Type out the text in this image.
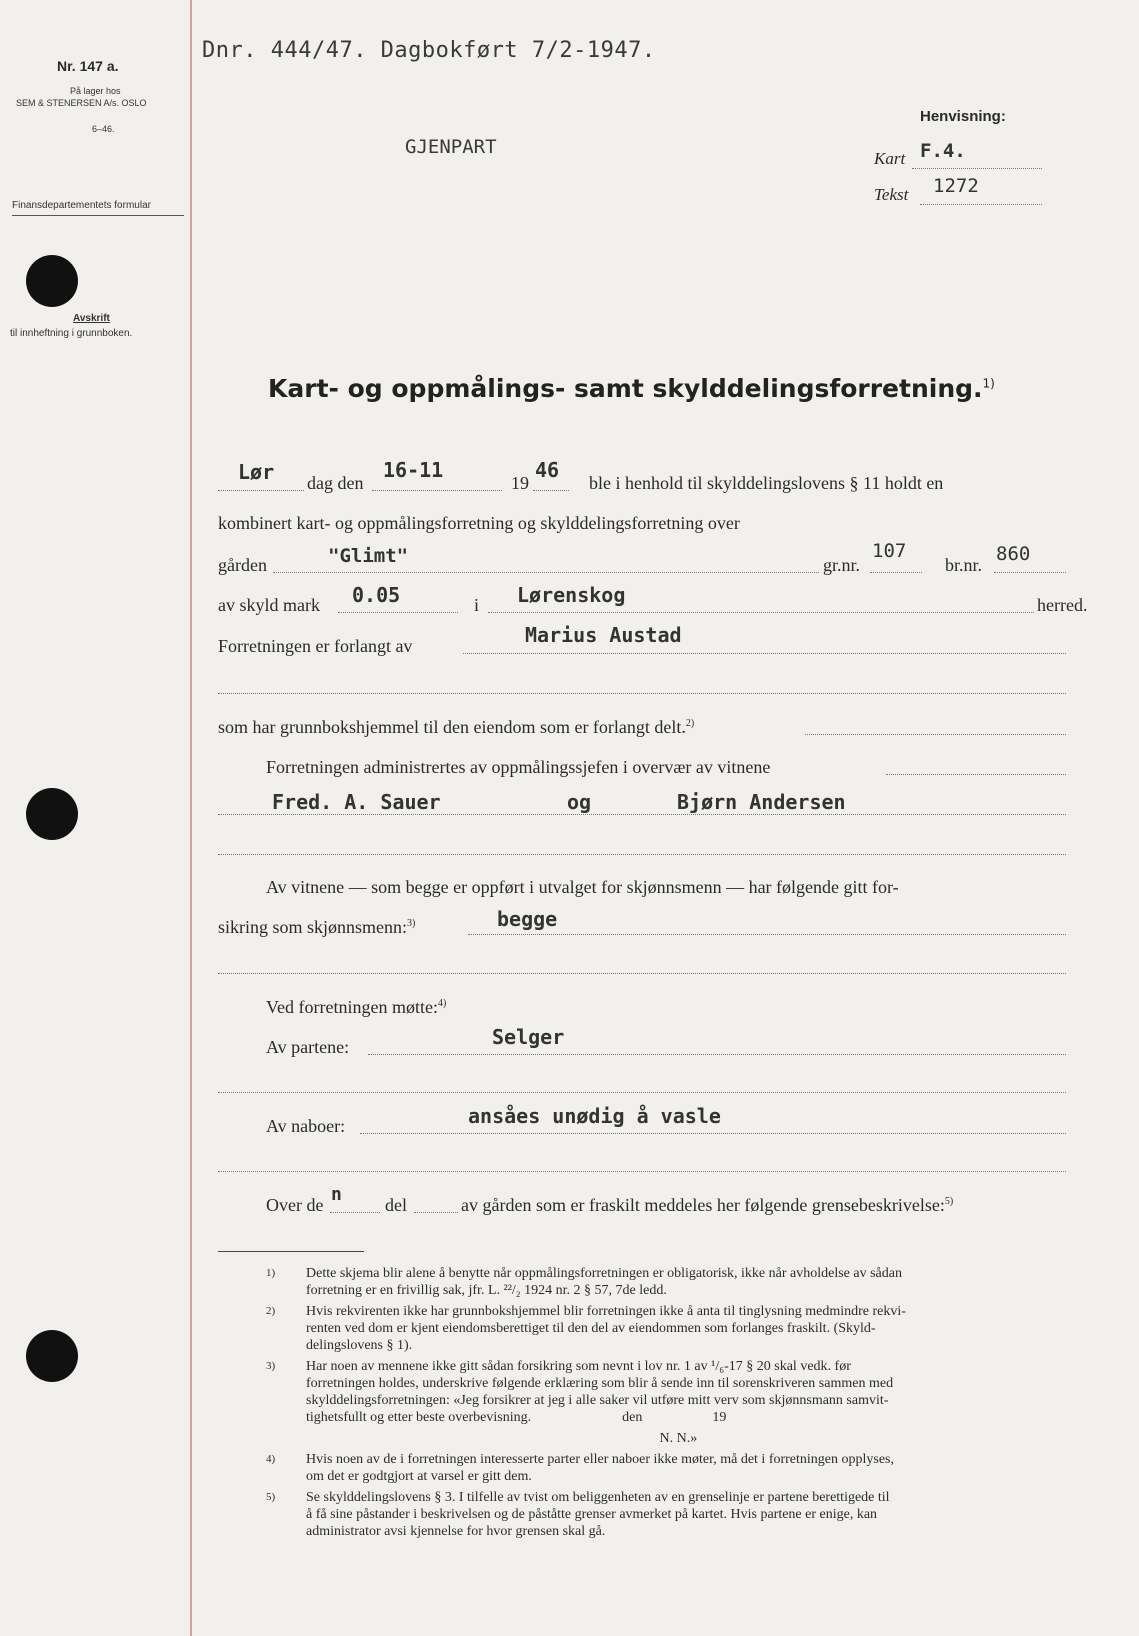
Nr. 147 a.
På lager hos
SEM & STENERSEN A/s. OSLO
6–46.
Finansdepartementets formular
Avskrift
til innheftning i grunnboken.
Dnr. 444/47. Dagbokført 7/2-1947.
GJENPART
Henvisning:
Kart F.4.
Tekst 1272
Kart- og oppmålings- samt skylddelingsforretning.$^{1)}$
Lør dag den
16-11
19
46
ble i henhold til skylddelingslovens § 11 holdt en
kombinert kart- og oppmålingsforretning og skylddelingsforretning over
gården	"Glimt"	gr.nr.
107
br.nr. 860
av skyld mark 0.05	i Lørenskog	herred.
Forretningen er forlangt av	Marius Austad
som har grunnbokshjemmel til den eiendom som er forlangt delt.$^{2)}$
Forretningen administrertes av oppmålingssjefen i overvær av vitnene
Fred. A. Sauer	og	Bjørn Andersen
Av vitnene — som begge er oppført i utvalget for skjønnsmenn — har følgende gitt for-
sikring som skjønnsmenn:$^{3)}$	begge
Ved forretningen møtte:$^{4)}$
Av partene:	Selger
Av naboer:	ansåes unødig å vasle
Over de n del	av gården som er fraskilt meddeles her følgende grensebeskrivelse:$^{5)}$
1) Dette skjema blir alene å benytte når oppmålingsforretningen er obligatorisk, ikke når avholdelse av sådan
forretning er en frivillig sak, jfr. L. ²²/₂ 1924 nr. 2 § 57, 7de ledd.
2) Hvis rekvirenten ikke har grunnbokshjemmel blir forretningen ikke å anta til tinglysning medmindre rekvi-
renten ved dom er kjent eiendomsberettiget til den del av eiendommen som forlanges fraskilt. (Skyld-
delingslovens § 1).
3) Har noen av mennene ikke gitt sådan forsikring som nevnt i lov nr. 1 av ¹/₆-17 § 20 skal vedk. før
forretningen holdes, underskrive følgende erklæring som blir å sende inn til sorenskriveren sammen med
skylddelingsforretningen: «Jeg forsikrer at jeg i alle saker vil utføre mitt verv som skjønnsmann samvit-
tighetsfullt og etter beste overbevisning.                          den                    19
N. N.»
4) Hvis noen av de i forretningen interesserte parter eller naboer ikke møter, må det i forretningen opplyses,
om det er godtgjort at varsel er gitt dem.
5) Se skylddelingslovens § 3. I tilfelle av tvist om beliggenheten av en grenselinje er partene berettigede til
å få sine påstander i beskrivelsen og de påståtte grenser avmerket på kartet. Hvis partene er enige, kan
administrator avsi kjennelse for hvor grensen skal gå.
